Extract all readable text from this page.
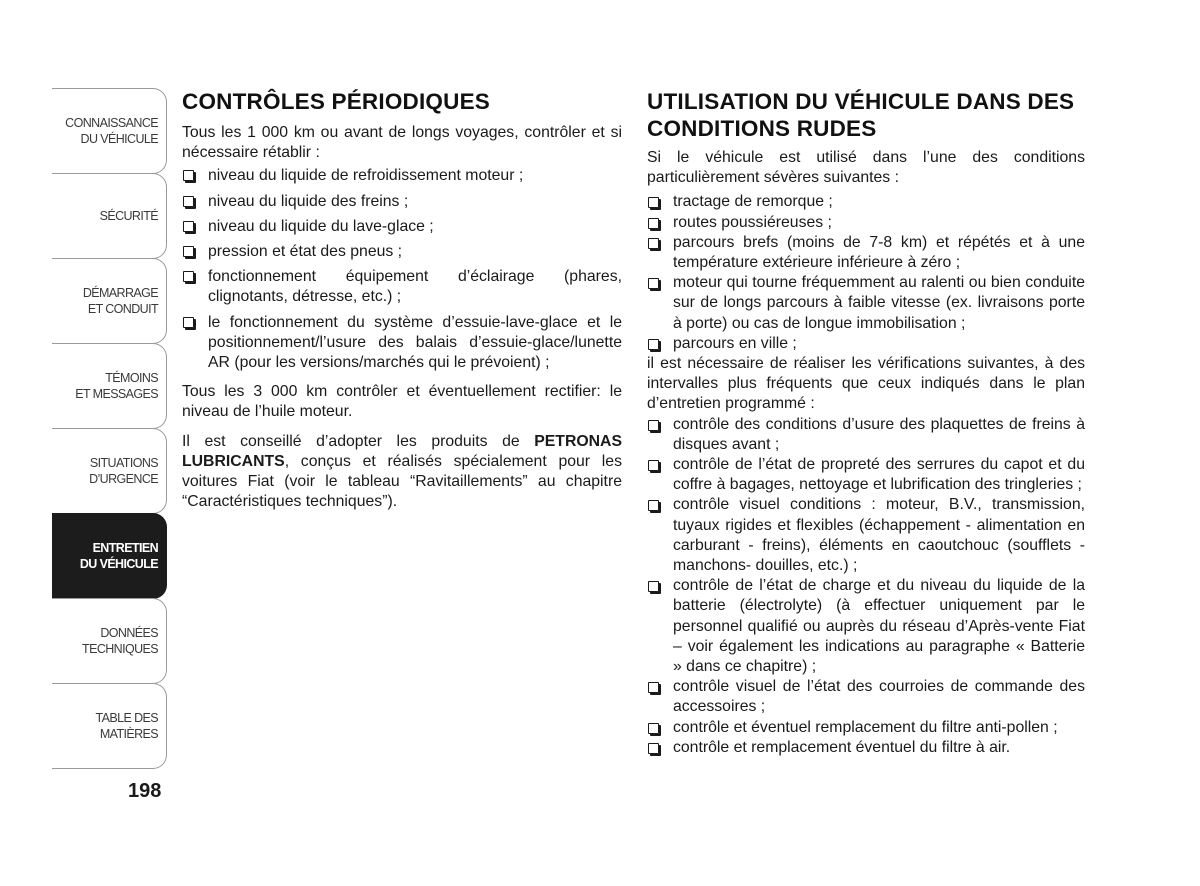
CONNAISSANCE
DU VÉHICULE
SÉCURITÉ
DÉMARRAGE
ET CONDUIT
TÉMOINS
ET MESSAGES
SITUATIONS
D’URGENCE
ENTRETIEN
DU VÉHICULE
DONNÉES
TECHNIQUES
TABLE DES
MATIÈRES
198
CONTRÔLES PÉRIODIQUES

Tous les 1 000 km ou avant de longs voyages, contrôler et si nécessaire rétablir :

niveau du liquide de refroidissement moteur ;
niveau du liquide des freins ;
niveau du liquide du lave-glace ;
pression et état des pneus ;
fonctionnement équipement d’éclairage (phares, clignotants, détresse, etc.) ;
le fonctionnement du système d’essuie-lave-glace et le positionnement/l’usure des balais d’essuie-glace/lunette AR (pour les versions/marchés qui le prévoient) ;

Tous les 3 000 km contrôler et éventuellement rectifier: le niveau de l’huile moteur.

Il est conseillé d’adopter les produits de PETRONAS LUBRICANTS, conçus et réalisés spécialement pour les voitures Fiat (voir le tableau “Ravitaillements” au chapitre “Caractéristiques techniques”).

UTILISATION DU VÉHICULE DANS DES CONDITIONS RUDES

Si le véhicule est utilisé dans l’une des conditions particulièrement sévères suivantes :

tractage de remorque ;
routes poussiéreuses ;
parcours brefs (moins de 7-8 km) et répétés et à une température extérieure inférieure à zéro ;
moteur qui tourne fréquemment au ralenti ou bien conduite sur de longs parcours à faible vitesse (ex. livraisons porte à porte) ou cas de longue immobilisation ;
parcours en ville ;

il est nécessaire de réaliser les vérifications suivantes, à des intervalles plus fréquents que ceux indiqués dans le plan d’entretien programmé :

contrôle des conditions d’usure des plaquettes de freins à disques avant ;
contrôle de l’état de propreté des serrures du capot et du coffre à bagages, nettoyage et lubrification des tringleries ;
contrôle visuel conditions : moteur, B.V., transmission, tuyaux rigides et flexibles (échappement - alimentation en carburant - freins), éléments en caoutchouc (soufflets - manchons- douilles, etc.) ;
contrôle de l’état de charge et du niveau du liquide de la batterie (électrolyte) (à effectuer uniquement par le personnel qualifié ou auprès du réseau d’Après-vente Fiat – voir également les indications au paragraphe « Batterie » dans ce chapitre) ;
contrôle visuel de l’état des courroies de commande des accessoires ;
contrôle et éventuel remplacement du filtre anti-pollen ;
contrôle et remplacement éventuel du filtre à air.
